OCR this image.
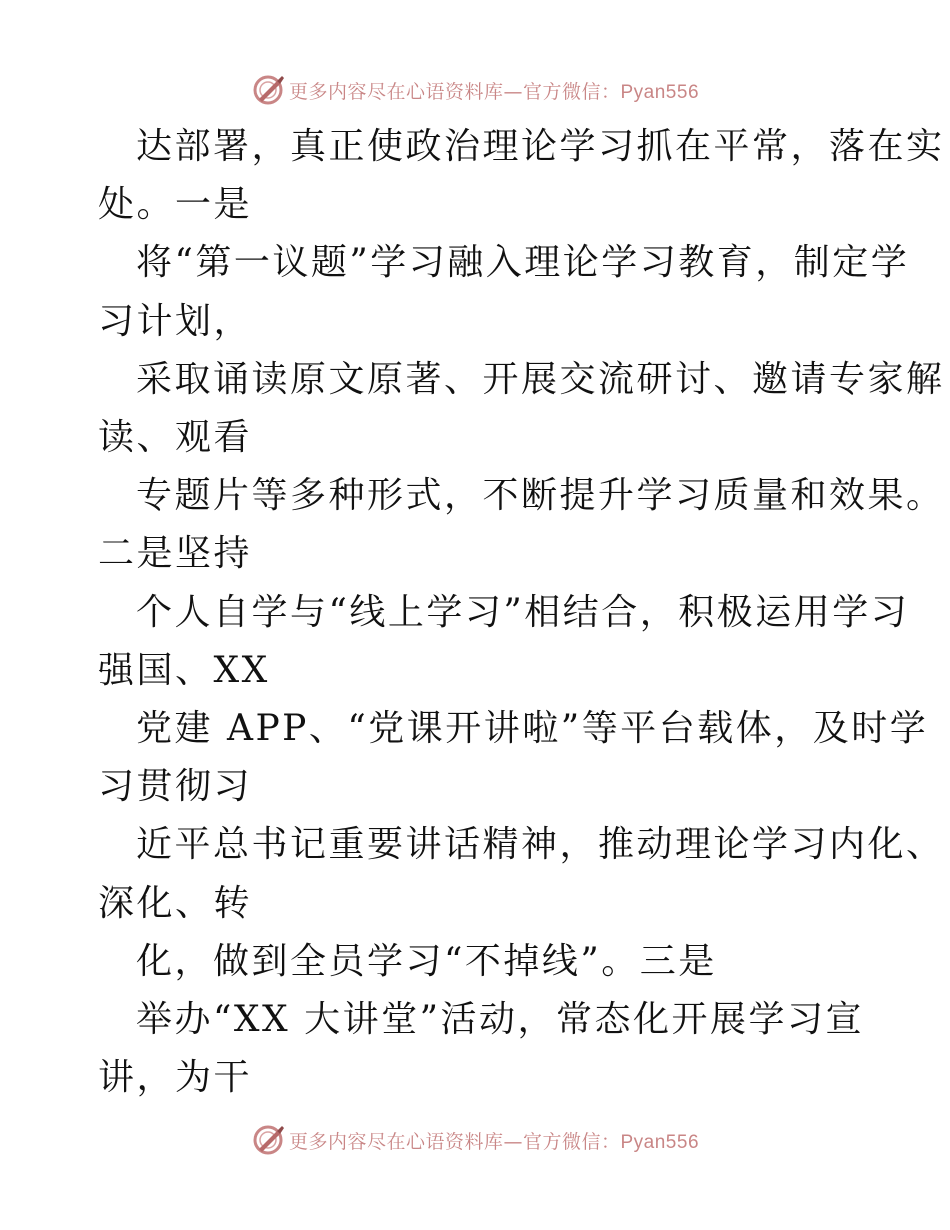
更多内容尽在心语资料库—官方微信：Pyan556
达部署，真正使政治理论学习抓在平常，落在实
处。一是
将“第一议题”学习融入理论学习教育，制定学
习计划，
采取诵读原文原著、开展交流研讨、邀请专家解
读、观看
专题片等多种形式，不断提升学习质量和效果。
二是坚持
个人自学与“线上学习”相结合，积极运用学习
强国、XX
党建 APP、“党课开讲啦”等平台载体，及时学
习贯彻习
近平总书记重要讲话精神，推动理论学习内化、
深化、转
化，做到全员学习“不掉线”。三是
举办“XX 大讲堂”活动，常态化开展学习宣
讲，为干
更多内容尽在心语资料库—官方微信：Pyan556
